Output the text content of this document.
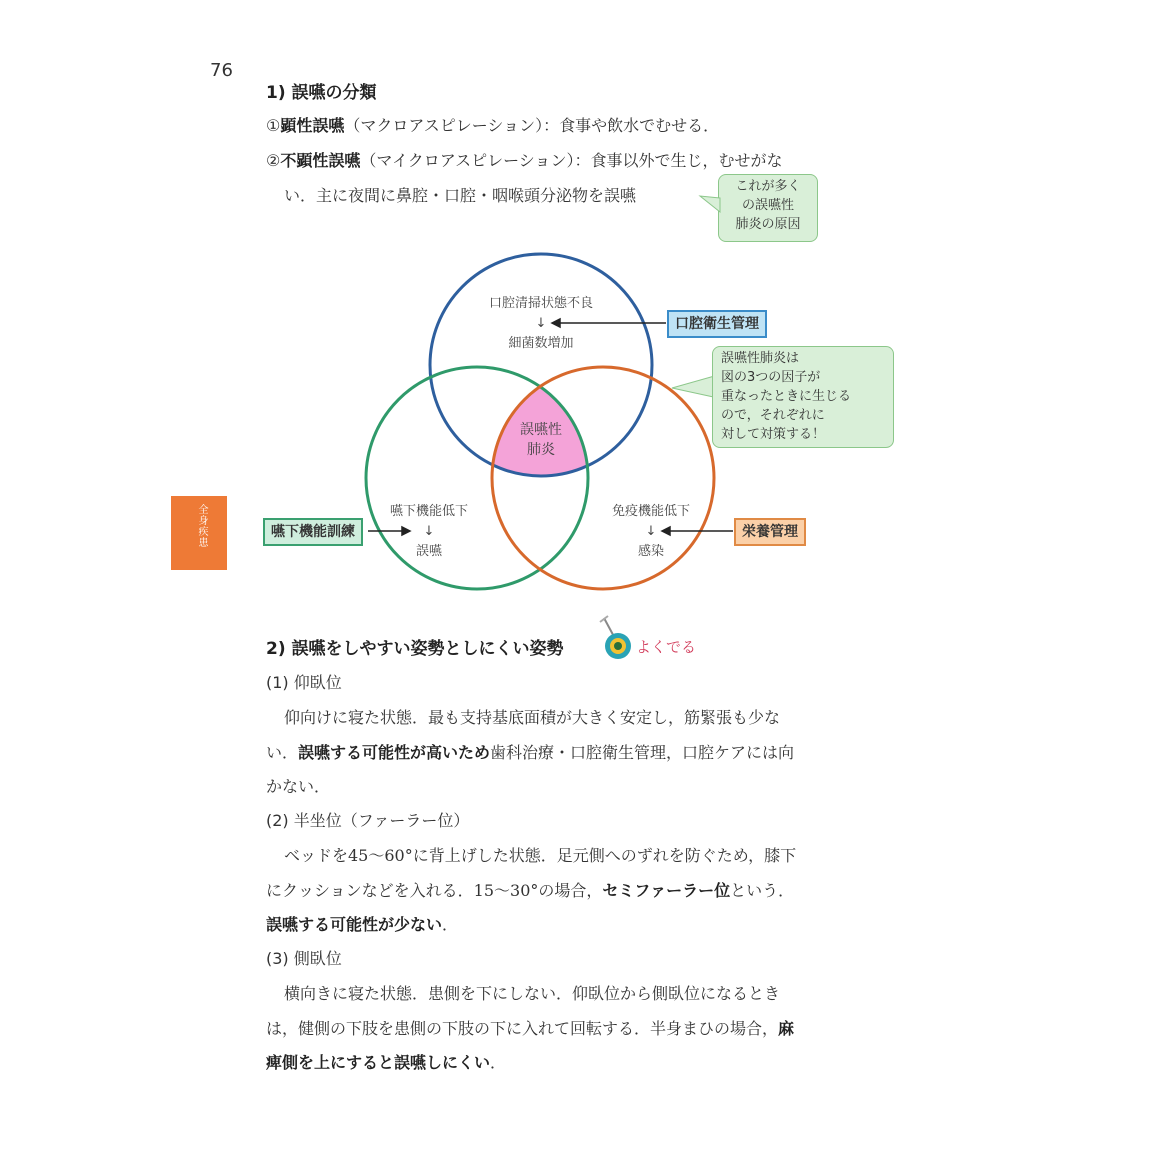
76
全身疾患
1) 誤嚥の分類
①顕性誤嚥（マクロアスピレーション）：食事や飲水でむせる．
②不顕性誤嚥（マイクロアスピレーション）：食事以外で生じ，むせがな
い．主に夜間に鼻腔・口腔・咽喉頭分泌物を誤嚥	これが多く
の誤嚥性
肺炎の原因
口腔清掃状態不良
↓
細菌数増加
嚥下機能低下
↓
誤嚥
免疫機能低下
↓
感染
誤嚥性
肺炎
口腔衛生管理
嚥下機能訓練	栄養管理
誤嚥性肺炎は
図の3つの因子が
重なったときに生じる
ので，それぞれに
対して対策する！
2) 誤嚥をしやすい姿勢としにくい姿勢	よくでる
(1) 仰臥位
仰向けに寝た状態．最も支持基底面積が大きく安定し，筋緊張も少な
い．誤嚥する可能性が高いため歯科治療・口腔衛生管理，口腔ケアには向
かない．
(2) 半坐位（ファーラー位）
ベッドを45～60°に背上げした状態．足元側へのずれを防ぐため，膝下
にクッションなどを入れる．15～30°の場合，セミファーラー位という．
誤嚥する可能性が少ない．
(3) 側臥位
横向きに寝た状態．患側を下にしない．仰臥位から側臥位になるとき
は，健側の下肢を患側の下肢の下に入れて回転する．半身まひの場合，麻
痺側を上にすると誤嚥しにくい．
